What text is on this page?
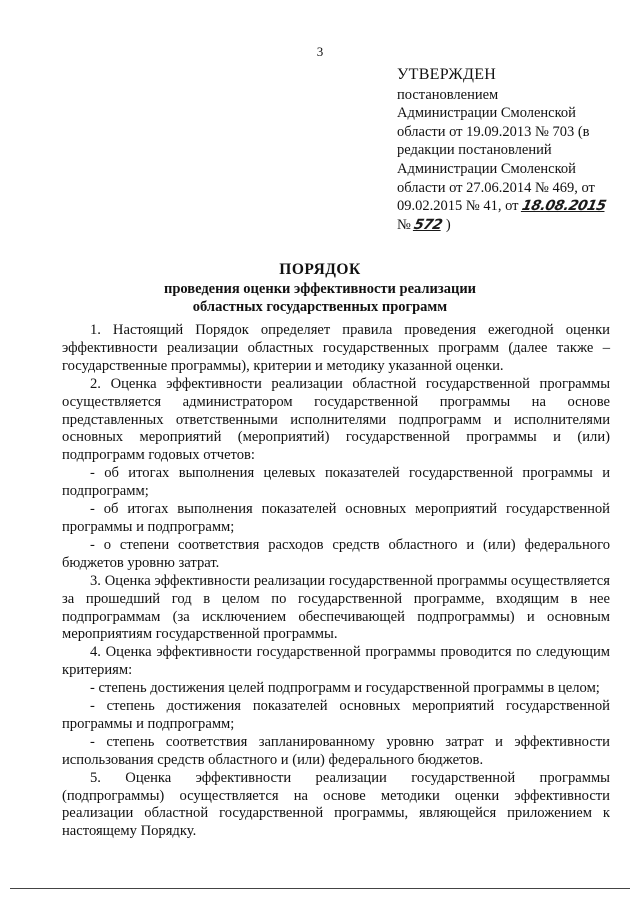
3
УТВЕРЖДЕН
постановлением
Администрации Смоленской
области от 19.09.2013 № 703 (в
редакции постановлений
Администрации Смоленской
области от 27.06.2014 № 469, от
09.02.2015 № 41, от 18.08.2015
№ 572 )
ПОРЯДОК
проведения оценки эффективности реализации
областных государственных программ

1. Настоящий Порядок определяет правила проведения ежегодной оценки эффективности реализации областных государственных программ (далее также – государственные программы), критерии и методику указанной оценки.

2. Оценка эффективности реализации областной государственной программы осуществляется администратором государственной программы на основе представленных ответственными исполнителями подпрограмм и исполнителями основных мероприятий (мероприятий) государственной программы и (или) подпрограмм годовых отчетов:

- об итогах выполнения целевых показателей государственной программы и подпрограмм;

- об итогах выполнения показателей основных мероприятий государственной программы и подпрограмм;

- о степени соответствия расходов средств областного и (или) федерального бюджетов уровню затрат.

3. Оценка эффективности реализации государственной программы осуществляется за прошедший год в целом по государственной программе, входящим в нее подпрограммам (за исключением обеспечивающей подпрограммы) и основным мероприятиям государственной программы.

4. Оценка эффективности государственной программы проводится по следующим критериям:

- степень достижения целей подпрограмм и государственной программы в целом;

- степень достижения показателей основных мероприятий государственной программы и подпрограмм;

- степень соответствия запланированному уровню затрат и эффективности использования средств областного и (или) федерального бюджетов.

5. Оценка эффективности реализации государственной программы (подпрограммы) осуществляется на основе методики оценки эффективности реализации областной государственной программы, являющейся приложением к настоящему Порядку.
